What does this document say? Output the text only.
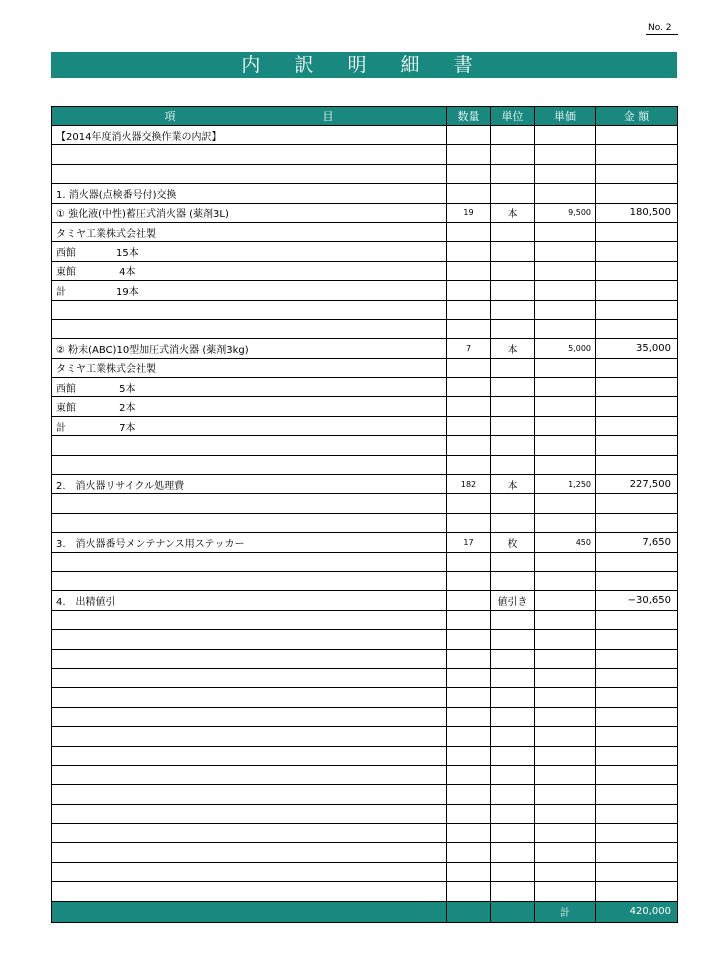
No. 2
内 訳 明 細 書
項 目	数量	単位	単価	金 額
【2014年度消火器交換作業の内訳】				

1. 消火器(点検番号付)交換				
① 強化液(中性)蓄圧式消火器 (薬剤3L)	19	本	9,500	180,500
タミヤ工業株式会社製				
西館　　　　15本				
東館　　　　 4本				
計　　　　　19本				

② 粉末(ABC)10型加圧式消火器 (薬剤3kg)	7	本	5,000	35,000
タミヤ工業株式会社製				
西館　　　　 5本				
東館　　　　 2本				
計　　　　　 7本				

2.　消火器リサイクル処理費	182	本	1,250	227,500

3.　消火器番号メンテナンス用ステッカー	17	枚	450	7,650

4.　出精値引		値引き		−30,650

			計	420,000
